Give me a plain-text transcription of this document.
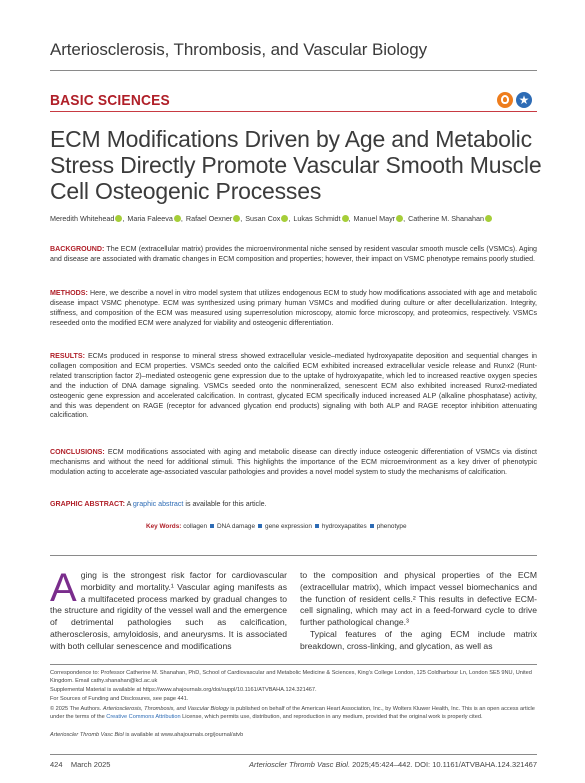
Arteriosclerosis, Thrombosis, and Vascular Biology
BASIC SCIENCES	★
ECM Modifications Driven by Age and Metabolic Stress Directly Promote Vascular Smooth Muscle Cell Osteogenic Processes
Meredith Whitehead , Maria Faleeva , Rafael Oexner , Susan Cox , Lukas Schmidt , Manuel Mayr , Catherine M. Shanahan

BACKGROUND: The ECM (extracellular matrix) provides the microenvironmental niche sensed by resident vascular smooth muscle cells (VSMCs). Aging and disease are associated with dramatic changes in ECM composition and properties; however, their impact on VSMC phenotype remains poorly studied.

METHODS: Here, we describe a novel in vitro model system that utilizes endogenous ECM to study how modifications associated with age and metabolic disease impact VSMC phenotype. ECM was synthesized using primary human VSMCs and modified during culture or after decellularization. Integrity, stiffness, and composition of the ECM was measured using superresolution microscopy, atomic force microscopy, and proteomics, respectively. VSMCs reseeded onto the modified ECM were analyzed for viability and osteogenic differentiation.

RESULTS: ECMs produced in response to mineral stress showed extracellular vesicle–mediated hydroxyapatite deposition and sequential changes in collagen composition and ECM properties. VSMCs seeded onto the calcified ECM exhibited increased extracellular vesicle release and Runx2 (Runt-related transcription factor 2)–mediated osteogenic gene expression due to the uptake of hydroxyapatite, which led to increased reactive oxygen species and the induction of DNA damage signaling. VSMCs seeded onto the nonmineralized, senescent ECM also exhibited increased Runx2-mediated osteogenic gene expression and accelerated calcification. In contrast, glycated ECM specifically induced increased ALP (alkaline phosphatase) activity, and this was dependent on RAGE (receptor for advanced glycation end products) signaling with both ALP and RAGE receptor inhibition attenuating calcification.

CONCLUSIONS: ECM modifications associated with aging and metabolic disease can directly induce osteogenic differentiation of VSMCs via distinct mechanisms and without the need for additional stimuli. This highlights the importance of the ECM microenvironment as a key driver of phenotypic modulation acting to accelerate age-associated vascular pathologies and provides a novel model system to study the mechanisms of calcification.

GRAPHIC ABSTRACT: A graphic abstract is available for this article.

Key Words: collagen DNA damage gene expression hydroxyapatites phenotype
Aging is the strongest risk factor for cardiovascular morbidity and mortality.¹ Vascular aging manifests as a multifaceted process marked by gradual changes to the structure and rigidity of the vessel wall and the emergence of detrimental pathologies such as calcification, atherosclerosis, amyloidosis, and aneurysms. It is associated with both cellular senescence and modifications
to the composition and physical properties of the ECM (extracellular matrix), which impact vessel biomechanics and the function of resident cells.² This results in defective ECM-cell signaling, which may act in a feed-forward cycle to drive further pathological change.³
Typical features of the aging ECM include matrix breakdown, cross-linking, and glycation, as well as
Correspondence to: Professor Catherine M. Shanahan, PhD, School of Cardiovascular and Metabolic Medicine & Sciences, King’s College London, 125 Coldharbour Ln, London SE5 9NU, United Kingdom. Email cathy.shanahan@kcl.ac.uk
Supplemental Material is available at https://www.ahajournals.org/doi/suppl/10.1161/ATVBAHA.124.321467.
For Sources of Funding and Disclosures, see page 441.
© 2025 The Authors. Arteriosclerosis, Thrombosis, and Vascular Biology is published on behalf of the American Heart Association, Inc., by Wolters Kluwer Health, Inc. This is an open access article under the terms of the Creative Commons Attribution License, which permits use, distribution, and reproduction in any medium, provided that the original work is properly cited.
Arterioscler Thromb Vasc Biol is available at www.ahajournals.org/journal/atvb
424 March 2025	Arterioscler Thromb Vasc Biol. 2025;45:424–442. DOI: 10.1161/ATVBAHA.124.321467
